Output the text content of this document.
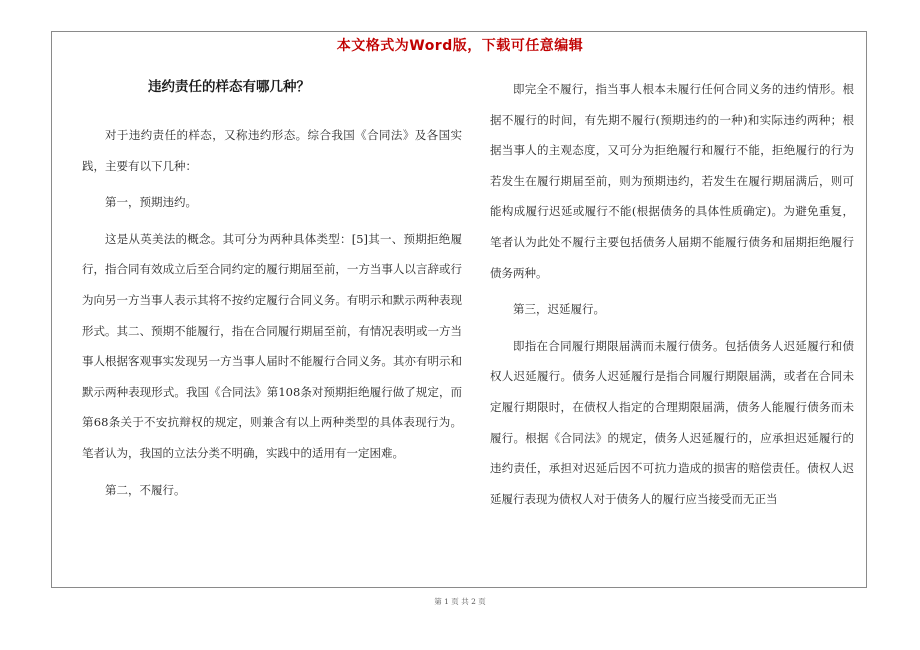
本文格式为Word版，下载可任意编辑
违约责任的样态有哪几种？

对于违约责任的样态，又称违约形态。综合我国《合同法》及各国实践，主要有以下几种：

第一，预期违约。

这是从英美法的概念。其可分为两种具体类型：[5]其一、预期拒绝履行，指合同有效成立后至合同约定的履行期届至前，一方当事人以言辞或行为向另一方当事人表示其将不按约定履行合同义务。有明示和默示两种表现形式。其二、预期不能履行，指在合同履行期届至前，有情况表明或一方当事人根据客观事实发现另一方当事人届时不能履行合同义务。其亦有明示和默示两种表现形式。我国《合同法》第108条对预期拒绝履行做了规定，而第68条关于不安抗辩权的规定，则兼含有以上两种类型的具体表现行为。笔者认为，我国的立法分类不明确，实践中的适用有一定困难。

第二，不履行。

即完全不履行，指当事人根本未履行任何合同义务的违约情形。根据不履行的时间，有先期不履行(预期违约的一种)和实际违约两种；根据当事人的主观态度，又可分为拒绝履行和履行不能，拒绝履行的行为若发生在履行期届至前，则为预期违约，若发生在履行期届满后，则可能构成履行迟延或履行不能(根据债务的具体性质确定)。为避免重复，笔者认为此处不履行主要包括债务人届期不能履行债务和届期拒绝履行债务两种。

第三，迟延履行。

即指在合同履行期限届满而未履行债务。包括债务人迟延履行和债权人迟延履行。债务人迟延履行是指合同履行期限届满，或者在合同未定履行期限时，在债权人指定的合理期限届满，债务人能履行债务而未履行。根据《合同法》的规定，债务人迟延履行的，应承担迟延履行的违约责任，承担对迟延后因不可抗力造成的损害的赔偿责任。债权人迟延履行表现为债权人对于债务人的履行应当接受而无正当

第 1 页 共 2 页
